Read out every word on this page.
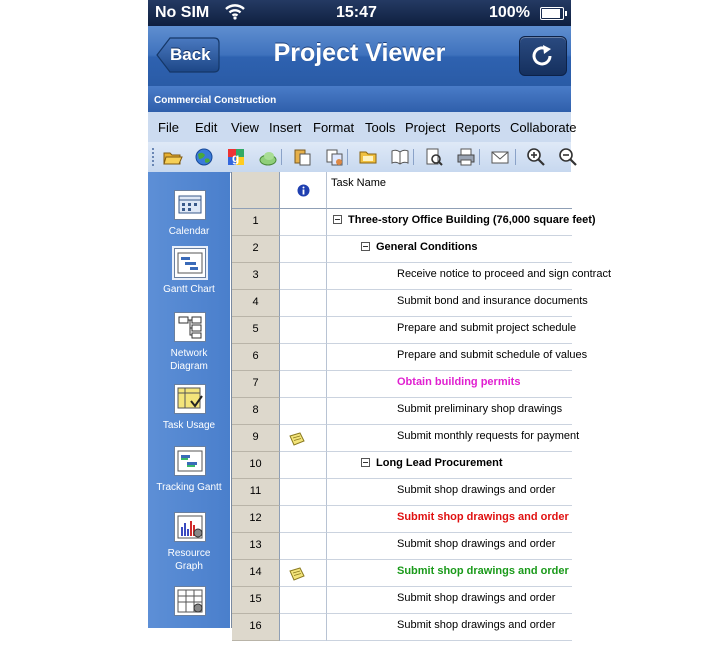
No SIM	15:47	100%
Back	Project Viewer
Commercial Construction
File Edit View Insert Format Tools Project Reports Collaborate
g
Calendar
Gantt Chart
Network Diagram
Task Usage
Tracking Gantt
Resource Graph
Task Name
1	Three-story Office Building (76,000 square feet)
2	General Conditions
3	Receive notice to proceed and sign contract
4	Submit bond and insurance documents
5	Prepare and submit project schedule
6	Prepare and submit schedule of values
7	Obtain building permits
8	Submit preliminary shop drawings
9	Submit monthly requests for payment
10	Long Lead Procurement
11	Submit shop drawings and order
12	Submit shop drawings and order
13	Submit shop drawings and order
14	Submit shop drawings and order
15	Submit shop drawings and order
16	Submit shop drawings and order
